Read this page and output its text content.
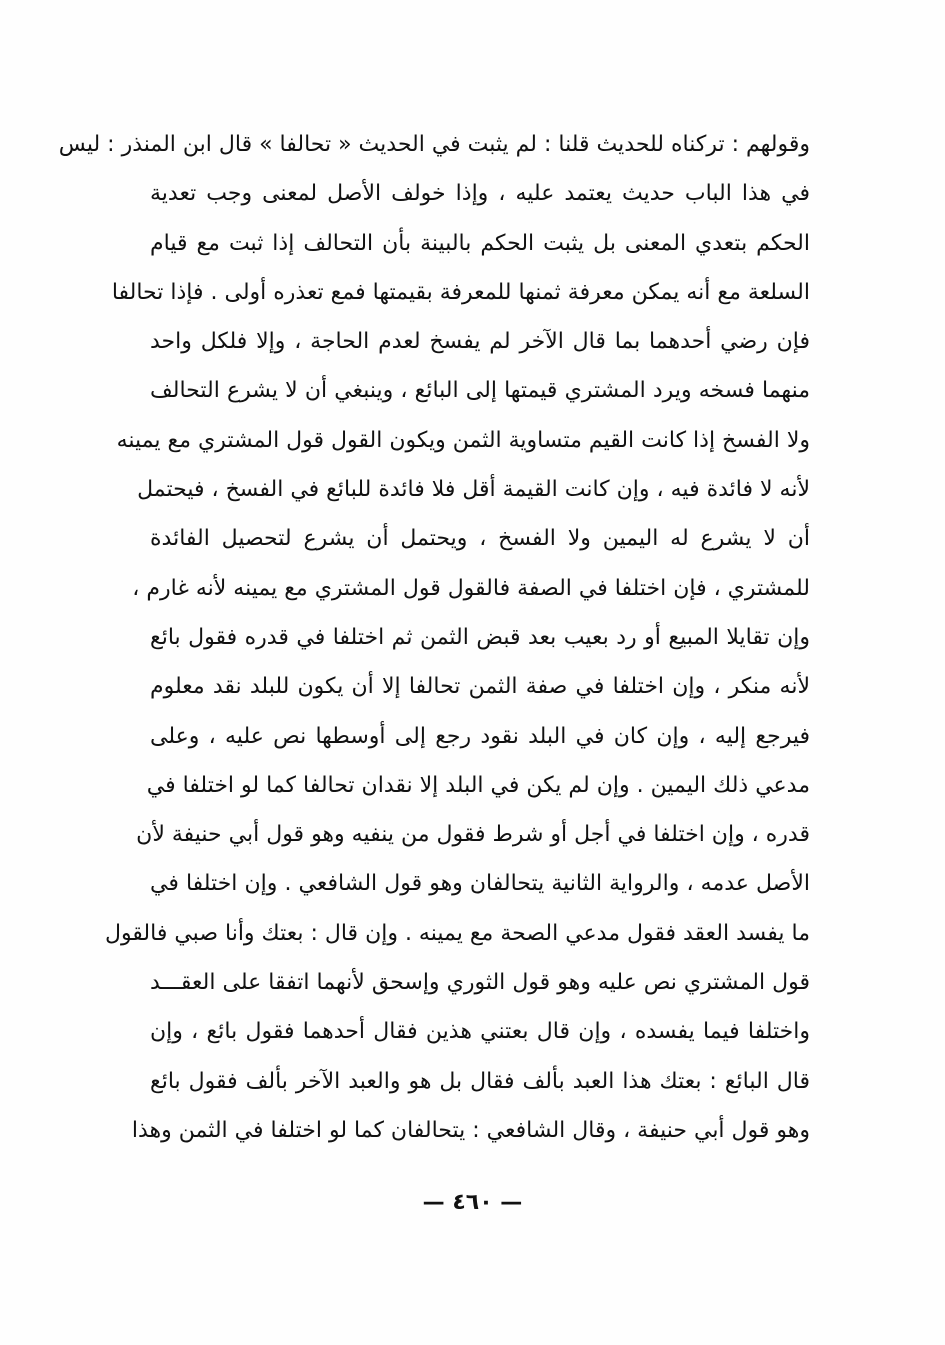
وقولهم : تركناه للحديث قلنا : لم يثبت في الحديث « تحالفا » قال ابن المنذر : ليس
في هذا الباب حديث يعتمد عليه ، وإذا خولف الأصل لمعنى وجب تعدية
الحكم بتعدي المعنى بل يثبت الحكم بالبينة بأن التحالف إذا ثبت مع قيام
السلعة مع أنه يمكن معرفة ثمنها للمعرفة بقيمتها فمع تعذره أولى . فإذا تحالفا
فإن رضي أحدهما بما قال الآخر لم يفسخ لعدم الحاجة ، وإلا فلكل واحد
منهما فسخه ويرد المشتري قيمتها إلى البائع ، وينبغي أن لا يشرع التحالف
ولا الفسخ إذا كانت القيم متساوية الثمن ويكون القول قول المشتري مع يمينه
لأنه لا فائدة فيه ، وإن كانت القيمة أقل فلا فائدة للبائع في الفسخ ، فيحتمل
أن لا يشرع له اليمين ولا الفسخ ، ويحتمل أن يشرع لتحصيل الفائدة
للمشتري ، فإن اختلفا في الصفة فالقول قول المشتري مع يمينه لأنه غارم ،
وإن تقايلا المبيع أو رد بعيب بعد قبض الثمن ثم اختلفا في قدره فقول بائع
لأنه منكر ، وإن اختلفا في صفة الثمن تحالفا إلا أن يكون للبلد نقد معلوم
فيرجع إليه ، وإن كان في البلد نقود رجع إلى أوسطها نص عليه ، وعلى
مدعي ذلك اليمين . وإن لم يكن في البلد إلا نقدان تحالفا كما لو اختلفا في
قدره ، وإن اختلفا في أجل أو شرط فقول من ينفيه وهو قول أبي حنيفة لأن
الأصل عدمه ، والرواية الثانية يتحالفان وهو قول الشافعي . وإن اختلفا في
ما يفسد العقد فقول مدعي الصحة مع يمينه . وإن قال : بعتك وأنا صبي فالقول
قول المشتري نص عليه وهو قول الثوري وإسحق لأنهما اتفقا على العقـــد
واختلفا فيما يفسده ، وإن قال بعتني هذين فقال أحدهما فقول بائع ، وإن
قال البائع : بعتك هذا العبد بألف فقال بل هو والعبد الآخر بألف فقول بائع
وهو قول أبي حنيفة ، وقال الشافعي : يتحالفان كما لو اختلفا في الثمن وهذا
— ٤٦٠ —
